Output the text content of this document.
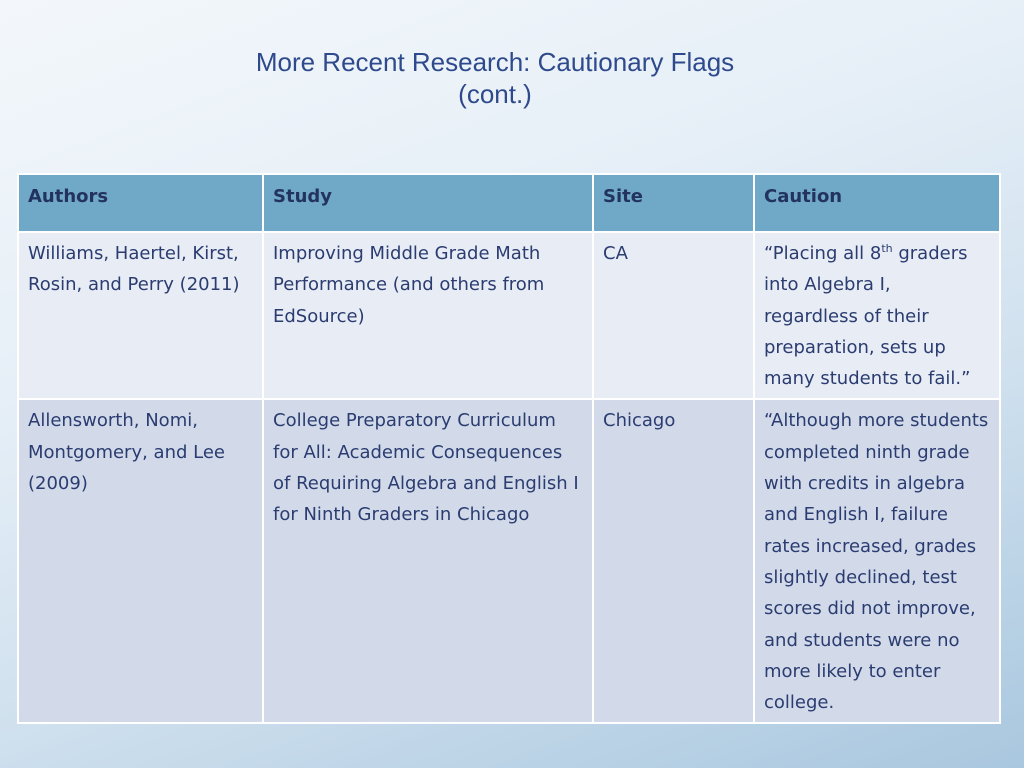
More Recent Research: Cautionary Flags
(cont.)
Authors	Study	Site	Caution
Williams, Haertel, Kirst, Rosin, and Perry (2011)	Improving Middle Grade Math Performance (and others from EdSource)	CA	“Placing all 8th graders into Algebra I, regardless of their preparation, sets up many students to fail.”
Allensworth, Nomi, Montgomery, and Lee (2009)	College Preparatory Curriculum for All: Academic Consequences of Requiring Algebra and English I for Ninth Graders in Chicago	Chicago	“Although more students completed ninth grade with credits in algebra and English I, failure rates increased, grades slightly declined, test scores did not improve, and students were no more likely to enter college.
